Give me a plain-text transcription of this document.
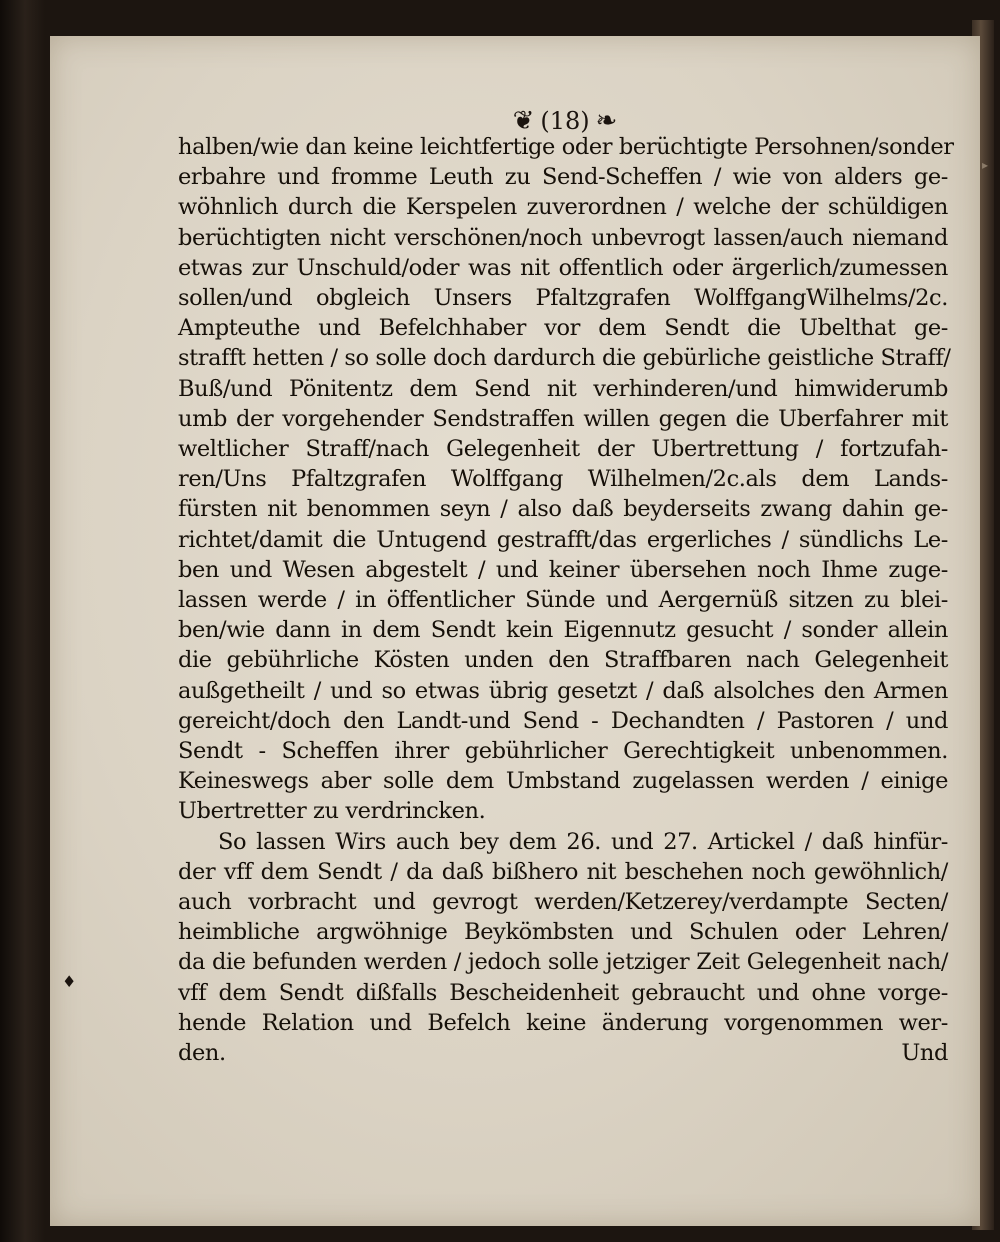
❦ (18) ❧
halben/wie dan keine leichtfertige oder berüchtigte Persohnen/sonder
erbahre und fromme Leuth zu Send-Scheffen / wie von alders ge-
wöhnlich durch die Kerspelen zuverordnen / welche der schüldigen
berüchtigten nicht verschönen/noch unbevrogt lassen/auch niemand
etwas zur Unschuld/oder was nit offentlich oder ärgerlich/zumessen
sollen/und obgleich Unsers Pfaltzgrafen WolffgangWilhelms/2c.
Ampteuthe und Befelchhaber vor dem Sendt die Ubelthat ge-
strafft hetten / so solle doch dardurch die gebürliche geistliche Straff/
Buß/und Pönitentz dem Send nit verhinderen/und himwiderumb
umb der vorgehender Sendstraffen willen gegen die Uberfahrer mit
weltlicher Straff/nach Gelegenheit der Ubertrettung / fortzufah-
ren/Uns Pfaltzgrafen Wolffgang Wilhelmen/2c.als dem Lands-
fürsten nit benommen seyn / also daß beyderseits zwang dahin ge-
richtet/damit die Untugend gestrafft/das ergerliches / sündlichs Le-
ben und Wesen abgestelt / und keiner übersehen noch Ihme zuge-
lassen werde / in öffentlicher Sünde und Aergernüß sitzen zu blei-
ben/wie dann in dem Sendt kein Eigennutz gesucht / sonder allein
die gebührliche Kösten unden den Straffbaren nach Gelegenheit
außgetheilt / und so etwas übrig gesetzt / daß alsolches den Armen
gereicht/doch den Landt-und Send - Dechandten / Pastoren / und
Sendt - Scheffen ihrer gebührlicher Gerechtigkeit unbenommen.
Keineswegs aber solle dem Umbstand zugelassen werden / einige
Ubertretter zu verdrincken.
So lassen Wirs auch bey dem 26. und 27. Artickel / daß hinfür-
der vff dem Sendt / da daß bißhero nit beschehen noch gewöhnlich/
auch vorbracht und gevrogt werden/Ketzerey/verdampte Secten/
heimbliche argwöhnige Beykömbsten und Schulen oder Lehren/
da die befunden werden / jedoch solle jetziger Zeit Gelegenheit nach/
vff dem Sendt dißfalls Bescheidenheit gebraucht und ohne vorge-
hende Relation und Befelch keine änderung vorgenommen wer-
den.	Und
♦
▸
